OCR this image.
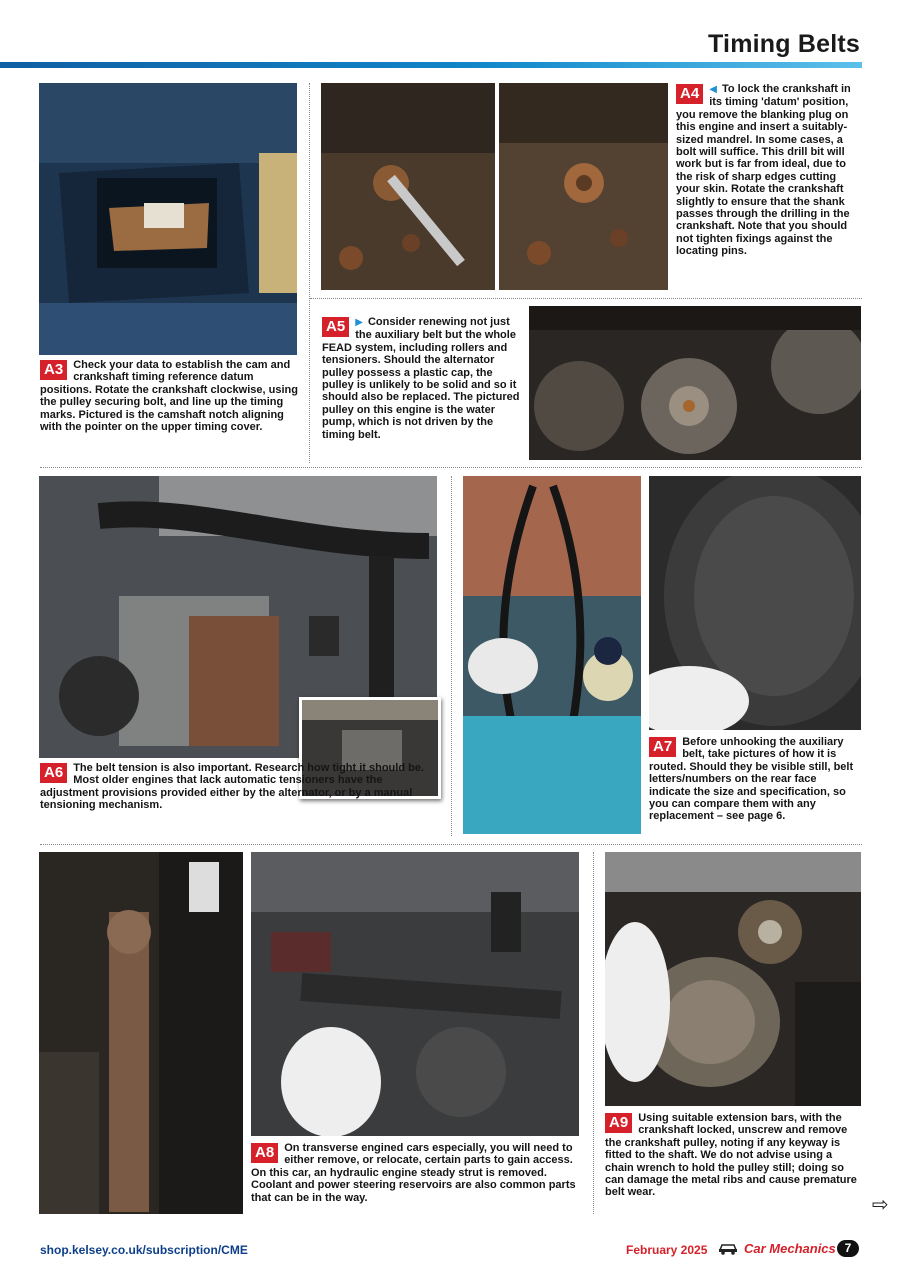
Timing Belts
A3 Check your data to establish the cam and crankshaft timing reference datum positions. Rotate the crankshaft clockwise, using the pulley securing bolt, and line up the timing marks. Pictured is the camshaft notch aligning with the pointer on the upper timing cover.
A4	◀ To lock the crankshaft in its timing 'datum' position, you remove the blanking plug on this engine and insert a suitably-sized mandrel. In some cases, a bolt will suffice. This drill bit will work but is far from ideal, due to the risk of sharp edges cutting your skin. Rotate the crankshaft slightly to ensure that the shank passes through the drilling in the crankshaft. Note that you should not tighten fixings against the locating pins.
A5	▶ Consider renewing not just the auxiliary belt but the whole FEAD system, including rollers and tensioners. Should the alternator pulley possess a plastic cap, the pulley is unlikely to be solid and so it should also be replaced. The pictured pulley on this engine is the water pump, which is not driven by the timing belt.
A6 The belt tension is also important. Research how tight it should be. Most older engines that lack automatic tensioners have the adjustment provisions provided either by the alternator, or by a manual tensioning mechanism.
A7 Before unhooking the auxiliary belt, take pictures of how it is routed. Should they be visible still, belt letters/numbers on the rear face indicate the size and specification, so you can compare them with any replacement – see page 6.
A8 On transverse engined cars especially, you will need to either remove, or relocate, certain parts to gain access. On this car, an hydraulic engine steady strut is removed. Coolant and power steering reservoirs are also common parts that can be in the way.
A9 Using suitable extension bars, with the crankshaft locked, unscrew and remove the crankshaft pulley, noting if any keyway is fitted to the shaft. We do not advise using a chain wrench to hold the pulley still; doing so can damage the metal ribs and cause premature belt wear.
⇨
shop.kelsey.co.uk/subscription/CME	February 2025	Car Mechanics 7
